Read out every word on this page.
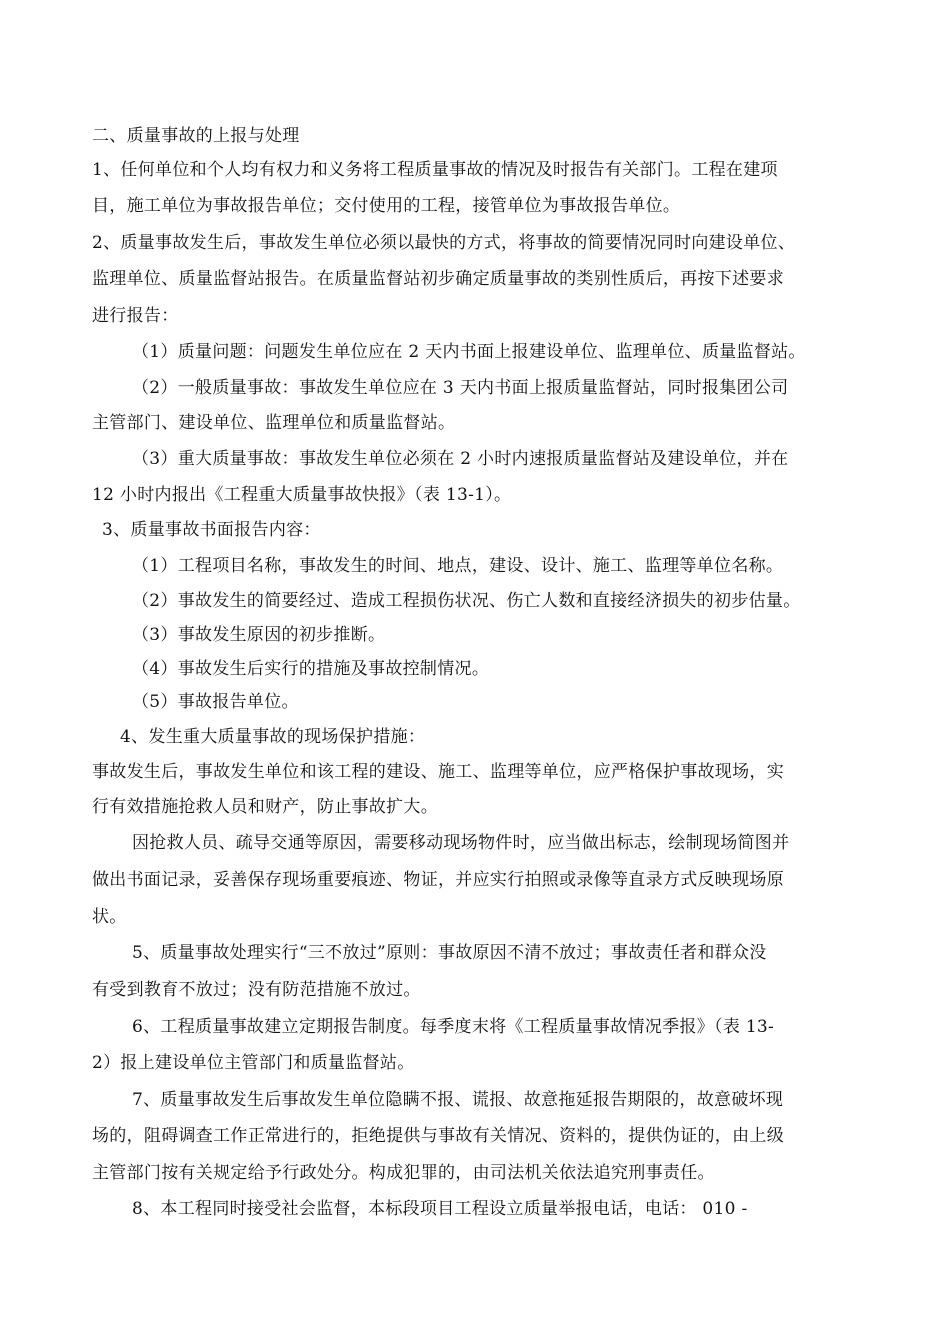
二、质量事故的上报与处理
1、任何单位和个人均有权力和义务将工程质量事故的情况及时报告有关部门。工程在建项
目，施工单位为事故报告单位；交付使用的工程，接管单位为事故报告单位。
2、质量事故发生后，事故发生单位必须以最快的方式，将事故的简要情况同时向建设单位、
监理单位、质量监督站报告。在质量监督站初步确定质量事故的类别性质后，再按下述要求
进行报告：
（1）质量问题：问题发生单位应在 2 天内书面上报建设单位、监理单位、质量监督站。
（2）一般质量事故：事故发生单位应在 3 天内书面上报质量监督站，同时报集团公司
主管部门、建设单位、监理单位和质量监督站。
（3）重大质量事故：事故发生单位必须在 2 小时内速报质量监督站及建设单位，并在
12 小时内报出《工程重大质量事故快报》（表 13-1）。
3、质量事故书面报告内容：
（1）工程项目名称，事故发生的时间、地点，建设、设计、施工、监理等单位名称。
（2）事故发生的简要经过、造成工程损伤状况、伤亡人数和直接经济损失的初步估量。
（3）事故发生原因的初步推断。
（4）事故发生后实行的措施及事故控制情况。
（5）事故报告单位。
4、发生重大质量事故的现场保护措施：
事故发生后，事故发生单位和该工程的建设、施工、监理等单位，应严格保护事故现场，实
行有效措施抢救人员和财产，防止事故扩大。
因抢救人员、疏导交通等原因，需要移动现场物件时，应当做出标志，绘制现场简图并
做出书面记录，妥善保存现场重要痕迹、物证，并应实行拍照或录像等直录方式反映现场原
状。
5、质量事故处理实行“三不放过”原则：事故原因不清不放过；事故责任者和群众没
有受到教育不放过；没有防范措施不放过。
6、工程质量事故建立定期报告制度。每季度末将《工程质量事故情况季报》（表 13-
2）报上建设单位主管部门和质量监督站。
7、质量事故发生后事故发生单位隐瞒不报、谎报、故意拖延报告期限的，故意破坏现
场的，阻碍调查工作正常进行的，拒绝提供与事故有关情况、资料的，提供伪证的，由上级
主管部门按有关规定给予行政处分。构成犯罪的，由司法机关依法追究刑事责任。
8、本工程同时接受社会监督，本标段项目工程设立质量举报电话，电话： 010 -
